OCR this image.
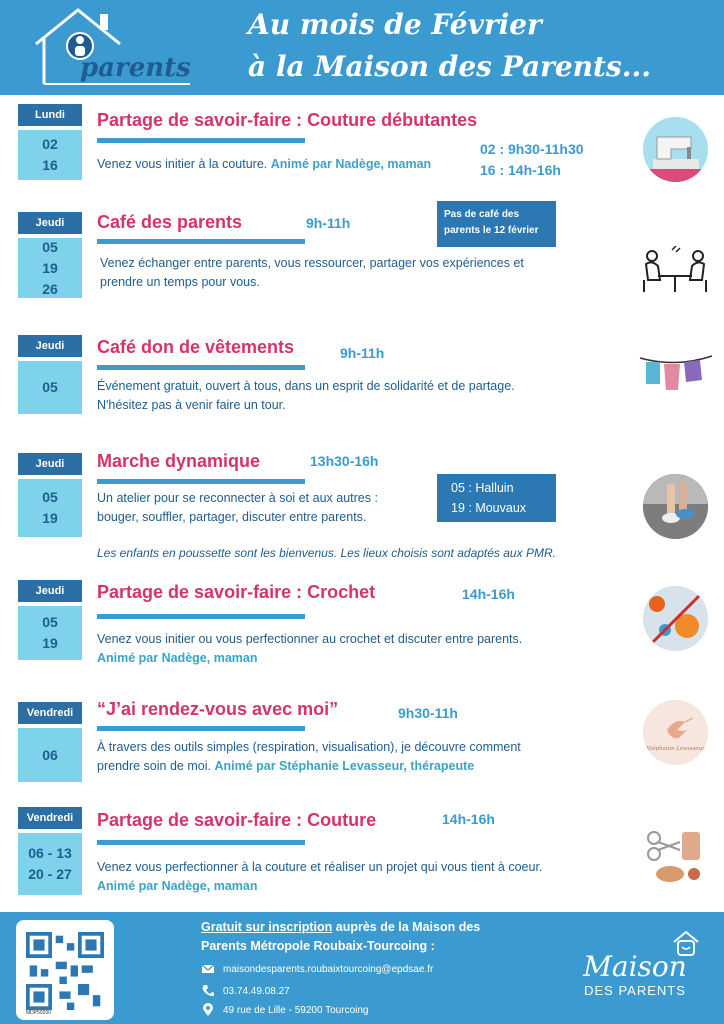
parents
Au mois de Février
à la Maison des Parents...
Lundi
02
16
Partage de savoir-faire : Couture débutantes
02 : 9h30-11h30
16 : 14h-16h
Venez vous initier à la couture. Animé par Nadège, maman
Jeudi
05
19
26
Café des parents	9h-11h
Pas de café des
parents le 12 février
Venez échanger entre parents, vous ressourcer, partager vos expériences et prendre un temps pour vous.
Jeudi
05
Café don de vêtements	9h-11h
Événement gratuit, ouvert à tous, dans un esprit de solidarité et de partage. N'hésitez pas à venir faire un tour.
Jeudi
05
19
Marche dynamique	13h30-16h
05 : Halluin
19 : Mouvaux
Un atelier pour se reconnecter à soi et aux autres : bouger, souffler, partager, discuter entre parents.
Les enfants en poussette sont les bienvenus. Les lieux choisis sont adaptés aux PMR.
Jeudi
05
19
Partage de savoir-faire : Crochet	14h-16h
Venez vous initier ou vous perfectionner au crochet et discuter entre parents.
Animé par Nadège, maman
Vendredi
06
“J’ai rendez-vous avec moi”	9h30-11h
À travers des outils simples (respiration, visualisation), je découvre comment prendre soin de moi. Animé par Stéphanie Levasseur, thérapeute
Stéphanie Levasseur
Vendredi
06 - 13
20 - 27
Partage de savoir-faire : Couture	14h-16h
Venez vous perfectionner à la couture et réaliser un projet qui vous tient à coeur.
Animé par Nadège, maman
MDP59200
Gratuit sur inscription auprès de la Maison des Parents Métropole Roubaix-Tourcoing :
maisondesparents.roubaixtourcoing@epdsae.fr
03.74.49.08.27
49 rue de Lille - 59200 Tourcoing
Maison
DES PARENTS
